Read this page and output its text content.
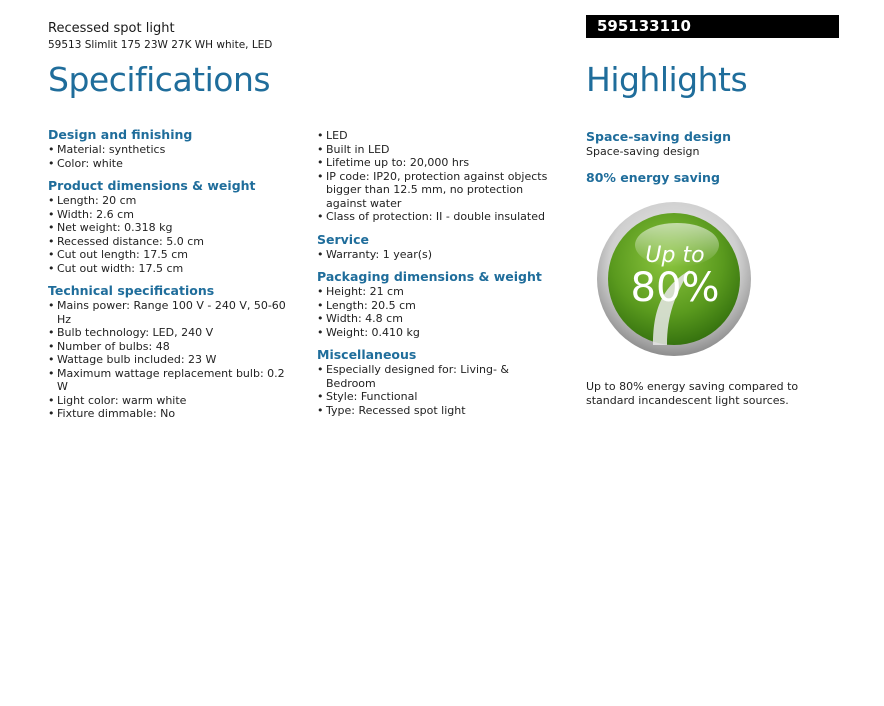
Recessed spot light
59513 Slimlit 175 23W 27K WH white, LED
595133110
Specifications	Highlights
Design and finishing
• Material: synthetics
• Color: white
Product dimensions & weight
• Length: 20 cm
• Width: 2.6 cm
• Net weight: 0.318 kg
• Recessed distance: 5.0 cm
• Cut out length: 17.5 cm
• Cut out width: 17.5 cm
Technical specifications
• Mains power: Range 100 V - 240 V, 50-60 Hz
• Bulb technology: LED, 240 V
• Number of bulbs: 48
• Wattage bulb included: 23 W
• Maximum wattage replacement bulb: 0.2 W
• Light color: warm white
• Fixture dimmable: No
• LED
• Built in LED
• Lifetime up to: 20,000 hrs
• IP code: IP20, protection against objects bigger than 12.5 mm, no protection against water
• Class of protection: II - double insulated
Service
• Warranty: 1 year(s)
Packaging dimensions & weight
• Height: 21 cm
• Length: 20.5 cm
• Width: 4.8 cm
• Weight: 0.410 kg
Miscellaneous
• Especially designed for: Living- & Bedroom
• Style: Functional
• Type: Recessed spot light
Space-saving design
Space-saving design
80% energy saving
Up to
80%
Up to 80% energy saving compared to standard incandescent light sources.
